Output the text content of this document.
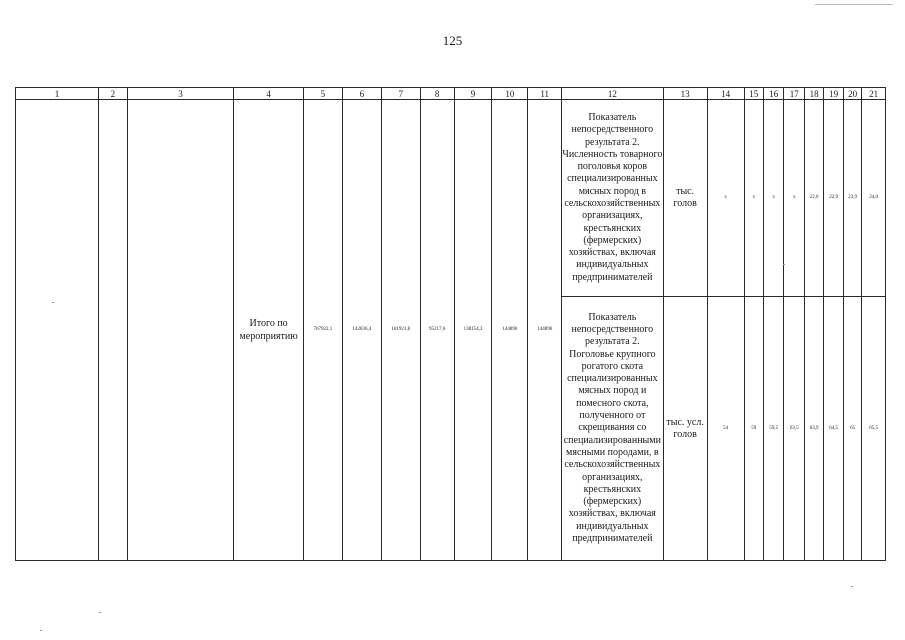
125
1	2	3	4	5	6	7	8	9	10	11	12	13	14	15	16	17	18	19	20	21
			Итого по мероприятию	767922,1	142836,4	101921,8	95217,6	138154,3	144896	144896	Показатель непосредственного результата 2. Численность товарного поголовья коров специализированных мясных пород в сельскохозяйственных организациях, крестьянских (фермерских) хозяйствах, включая индивидуальных предпринимателей	тыс. голов	x	x	x	x	22,0	22,9	23,9	24,0
											Показатель непосредственного результата 2. Поголовье крупного рогатого скота специализированных мясных пород и помесного скота, полученного от скрещивания со специализированными мясными породами, в сельскохозяйственных организациях, крестьянских (фермерских) хозяйствах, включая индивидуальных предпринимателей	тыс. усл. голов	54	59	59,5	63,5	63,9	64,5	65	65,5
